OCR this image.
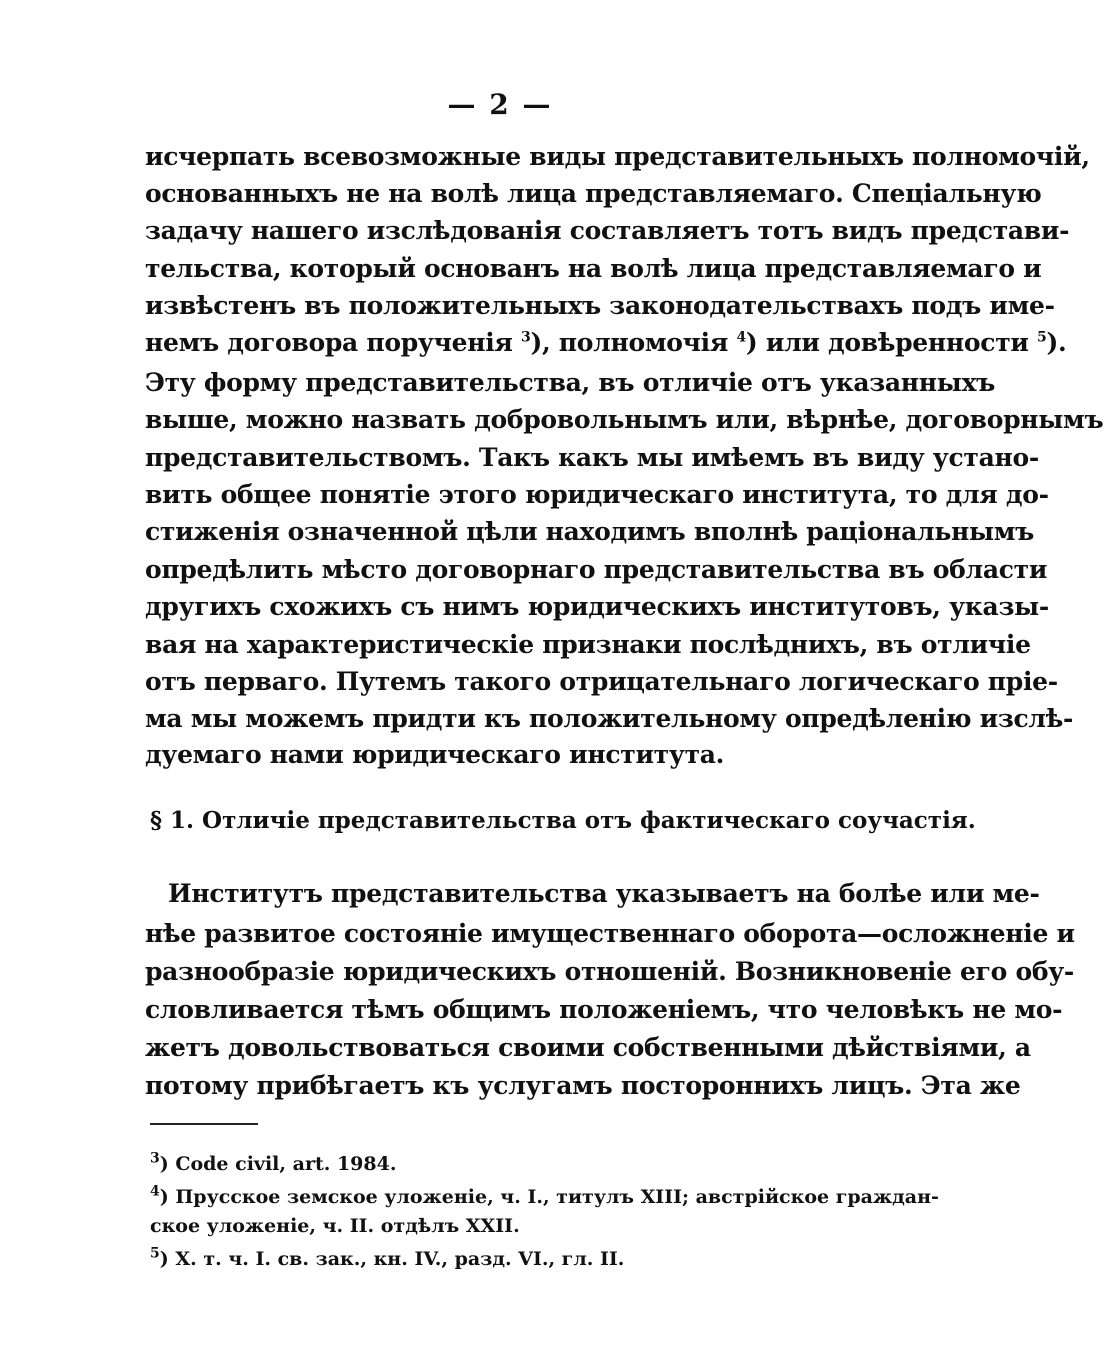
— 2 —
исчерпать всевозможные виды представительныхъ полномочій,
основанныхъ не на волѣ лица представляемаго. Спеціальную
задачу нашего изслѣдованія составляетъ тотъ видъ представи-
тельства, который основанъ на волѣ лица представляемаго и
извѣстенъ въ положительныхъ законодательствахъ подъ име-
немъ договора порученія $^3$), полномочія $^4$) или довѣренности $^5$).
Эту форму представительства, въ отличіе отъ указанныхъ
выше, можно назвать добровольнымъ или, вѣрнѣе, договорнымъ
представительствомъ. Такъ какъ мы имѣемъ въ виду устано-
вить общее понятіе этого юридическаго института, то для до-
стиженія означенной цѣли находимъ вполнѣ раціональнымъ
опредѣлить мѣсто договорнаго представительства въ области
другихъ схожихъ съ нимъ юридическихъ институтовъ, указы-
вая на характеристическіе признаки послѣднихъ, въ отличіе
отъ перваго. Путемъ такого отрицательнаго логическаго пріе-
ма мы можемъ придти къ положительному опредѣленію изслѣ-
дуемаго нами юридическаго института.
§ 1. Отличіе представительства отъ фактическаго соучастія.
Институтъ представительства указываетъ на болѣе или ме-
нѣе развитое состояніе имущественнаго оборота—осложненіе и
разнообразіе юридическихъ отношеній. Возникновеніе его обу-
словливается тѣмъ общимъ положеніемъ, что человѣкъ не мо-
жетъ довольствоваться своими собственными дѣйствіями, а
потому прибѣгаетъ къ услугамъ постороннихъ лицъ. Эта же
$^3$) Code civil, art. 1984.
$^4$) Прусское земское уложеніе, ч. I., титулъ XIII; австрійское граждан-
ское уложеніе, ч. II. отдѣлъ XXII.
$^5$) Х. т. ч. I. св. зак., кн. IV., разд. VI., гл. II.
